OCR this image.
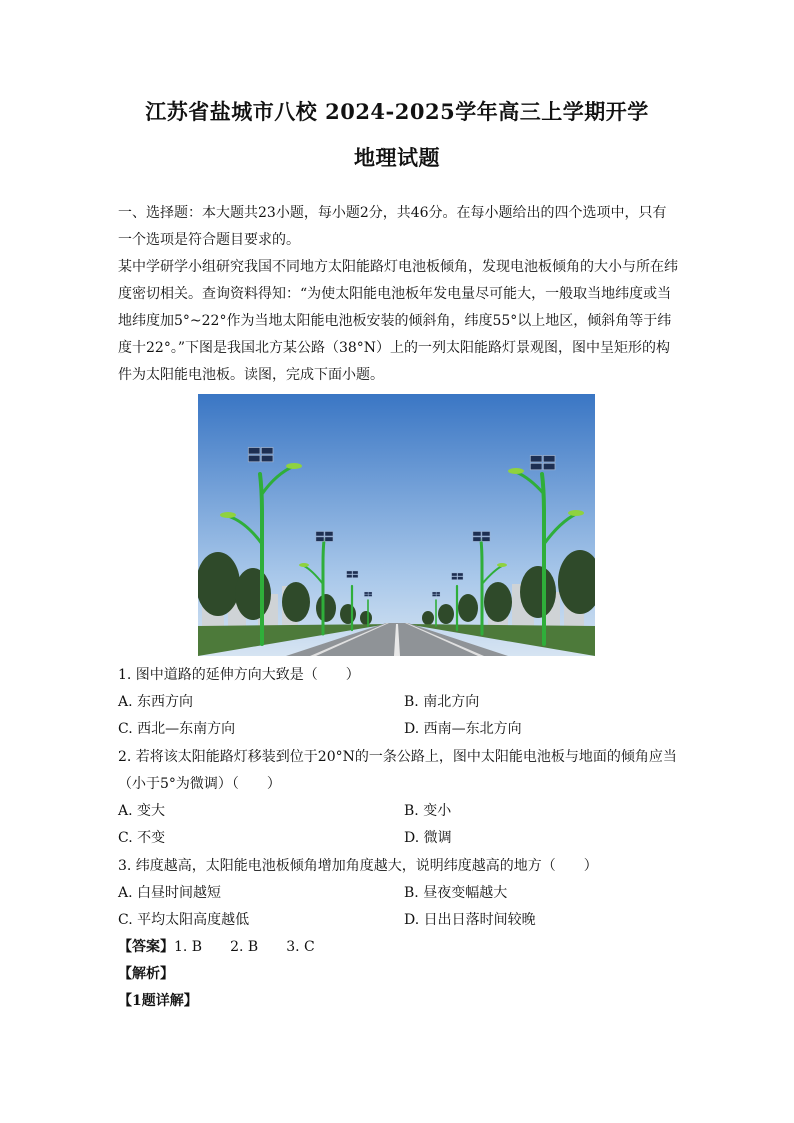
江苏省盐城市八校 2024-2025学年高三上学期开学
地理试题

一、选择题：本大题共23小题，每小题2分，共46分。在每小题给出的四个选项中，只有一个选项是符合题目要求的。

某中学研学小组研究我国不同地方太阳能路灯电池板倾角，发现电池板倾角的大小与所在纬度密切相关。查询资料得知：“为使太阳能电池板年发电量尽可能大，一般取当地纬度或当地纬度加5°~22°作为当地太阳能电池板安装的倾斜角，纬度55°以上地区，倾斜角等于纬度十22°。”下图是我国北方某公路（38°N）上的一列太阳能路灯景观图，图中呈矩形的构件为太阳能电池板。读图，完成下面小题。

1. 图中道路的延伸方向大致是（　　）
A. 东西方向	B. 南北方向
C. 西北—东南方向	D. 西南—东北方向
2. 若将该太阳能路灯移装到位于20°N的一条公路上，图中太阳能电池板与地面的倾角应当
（小于5°为微调）（　　）
A. 变大	B. 变小
C. 不变	D. 微调
3. 纬度越高，太阳能电池板倾角增加角度越大，说明纬度越高的地方（　　）
A. 白昼时间越短	B. 昼夜变幅越大
C. 平均太阳高度越低	D. 日出日落时间较晚
【答案】1. B　　2. B　　3. C
【解析】
【1题详解】
